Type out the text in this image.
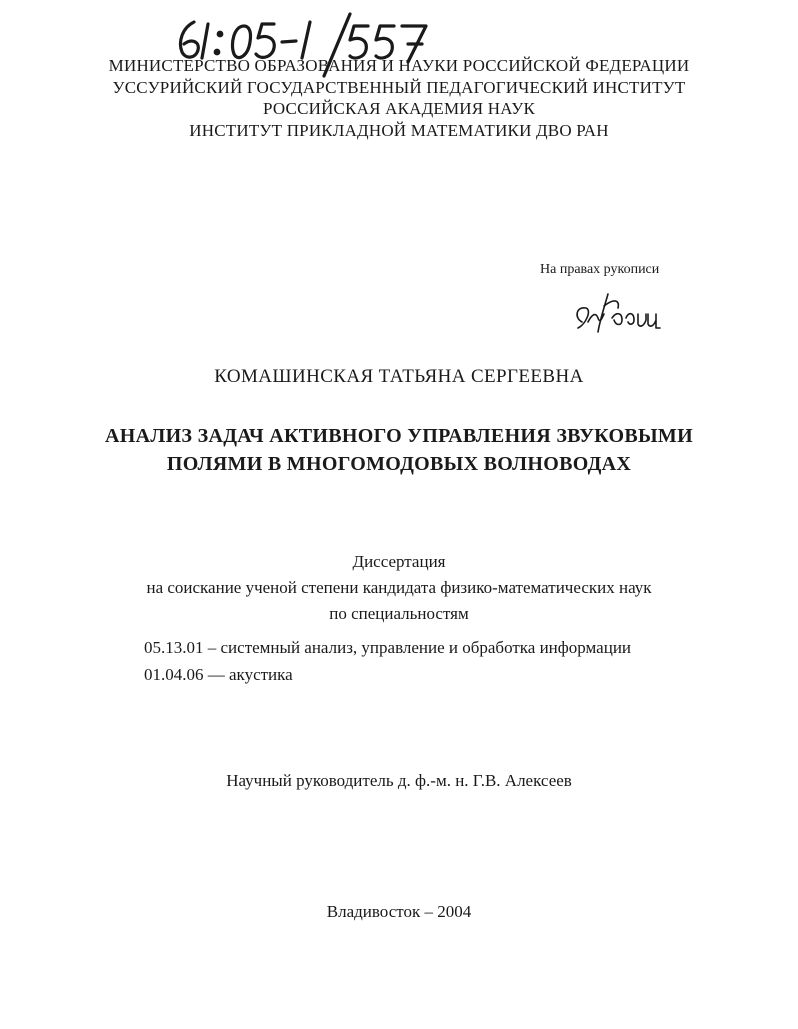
МИНИСТЕРСТВО ОБРАЗОВАНИЯ И НАУКИ РОССИЙСКОЙ ФЕДЕРАЦИИ
УССУРИЙСКИЙ ГОСУДАРСТВЕННЫЙ ПЕДАГОГИЧЕСКИЙ ИНСТИТУТ
РОССИЙСКАЯ АКАДЕМИЯ НАУК
ИНСТИТУТ ПРИКЛАДНОЙ МАТЕМАТИКИ ДВО РАН
На правах рукописи
КОМАШИНСКАЯ ТАТЬЯНА СЕРГЕЕВНА
АНАЛИЗ ЗАДАЧ АКТИВНОГО УПРАВЛЕНИЯ ЗВУКОВЫМИ
ПОЛЯМИ В МНОГОМОДОВЫХ ВОЛНОВОДАХ
Диссертация
на соискание ученой степени кандидата физико-математических наук
по специальностям
05.13.01 – системный анализ, управление и обработка информации
01.04.06 — акустика
Научный руководитель д. ф.-м. н. Г.В. Алексеев
Владивосток – 2004
